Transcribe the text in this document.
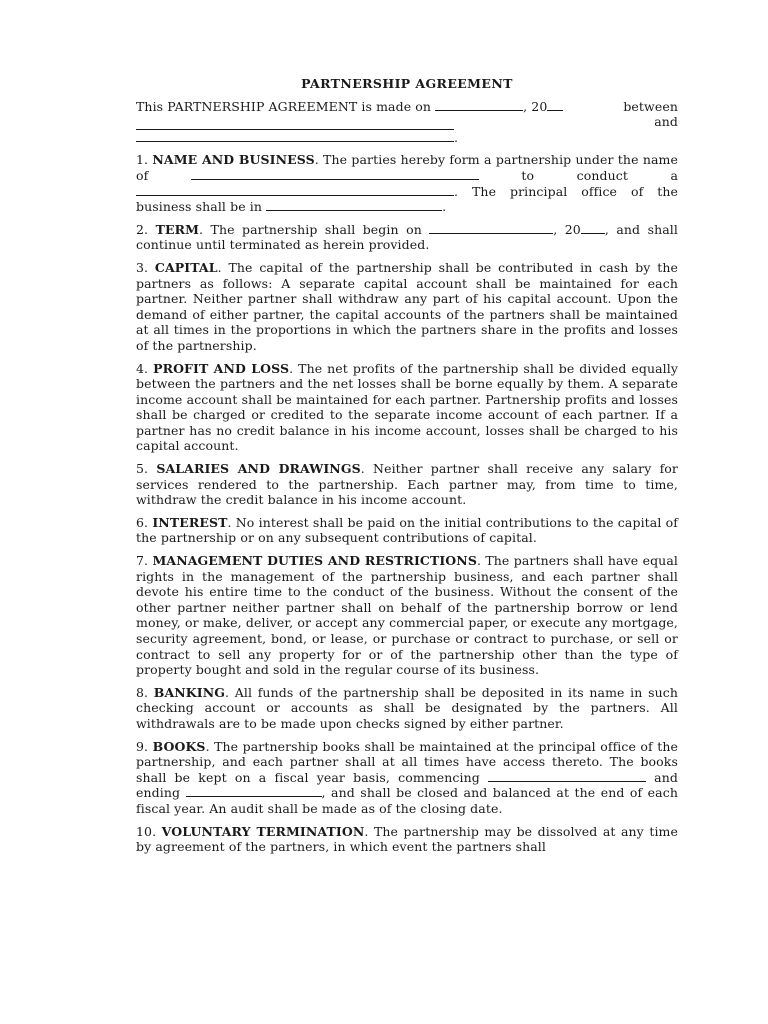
PARTNERSHIP AGREEMENT
This PARTNERSHIP AGREEMENT is made on	, 20	between
and
.
1. NAME AND BUSINESS. The parties hereby form a partnership under the name of	to conduct a . The principal office of the business shall be in	.
2. TERM. The partnership shall begin on	, 20 , and shall continue until terminated as herein provided.
3. CAPITAL. The capital of the partnership shall be contributed in cash by the partners as follows: A separate capital account shall be maintained for each partner. Neither partner shall withdraw any part of his capital account. Upon the demand of either partner, the capital accounts of the partners shall be maintained at all times in the proportions in which the partners share in the profits and losses of the partnership.
4. PROFIT AND LOSS. The net profits of the partnership shall be divided equally between the partners and the net losses shall be borne equally by them. A separate income account shall be maintained for each partner. Partnership profits and losses shall be charged or credited to the separate income account of each partner. If a partner has no credit balance in his income account, losses shall be charged to his capital account.
5. SALARIES AND DRAWINGS. Neither partner shall receive any salary for services rendered to the partnership. Each partner may, from time to time, withdraw the credit balance in his income account.
6. INTEREST. No interest shall be paid on the initial contributions to the capital of the partnership or on any subsequent contributions of capital.
7. MANAGEMENT DUTIES AND RESTRICTIONS. The partners shall have equal rights in the management of the partnership business, and each partner shall devote his entire time to the conduct of the business. Without the consent of the other partner neither partner shall on behalf of the partnership borrow or lend money, or make, deliver, or accept any commercial paper, or execute any mortgage, security agreement, bond, or lease, or purchase or contract to purchase, or sell or contract to sell any property for or of the partnership other than the type of property bought and sold in the regular course of its business.
8. BANKING. All funds of the partnership shall be deposited in its name in such checking account or accounts as shall be designated by the partners. All withdrawals are to be made upon checks signed by either partner.
9. BOOKS. The partnership books shall be maintained at the principal office of the partnership, and each partner shall at all times have access thereto. The books shall be kept on a fiscal year basis, commencing	and ending	, and shall be closed and balanced at the end of each fiscal year. An audit shall be made as of the closing date.
10. VOLUNTARY TERMINATION. The partnership may be dissolved at any time by agreement of the partners, in which event the partners shall
